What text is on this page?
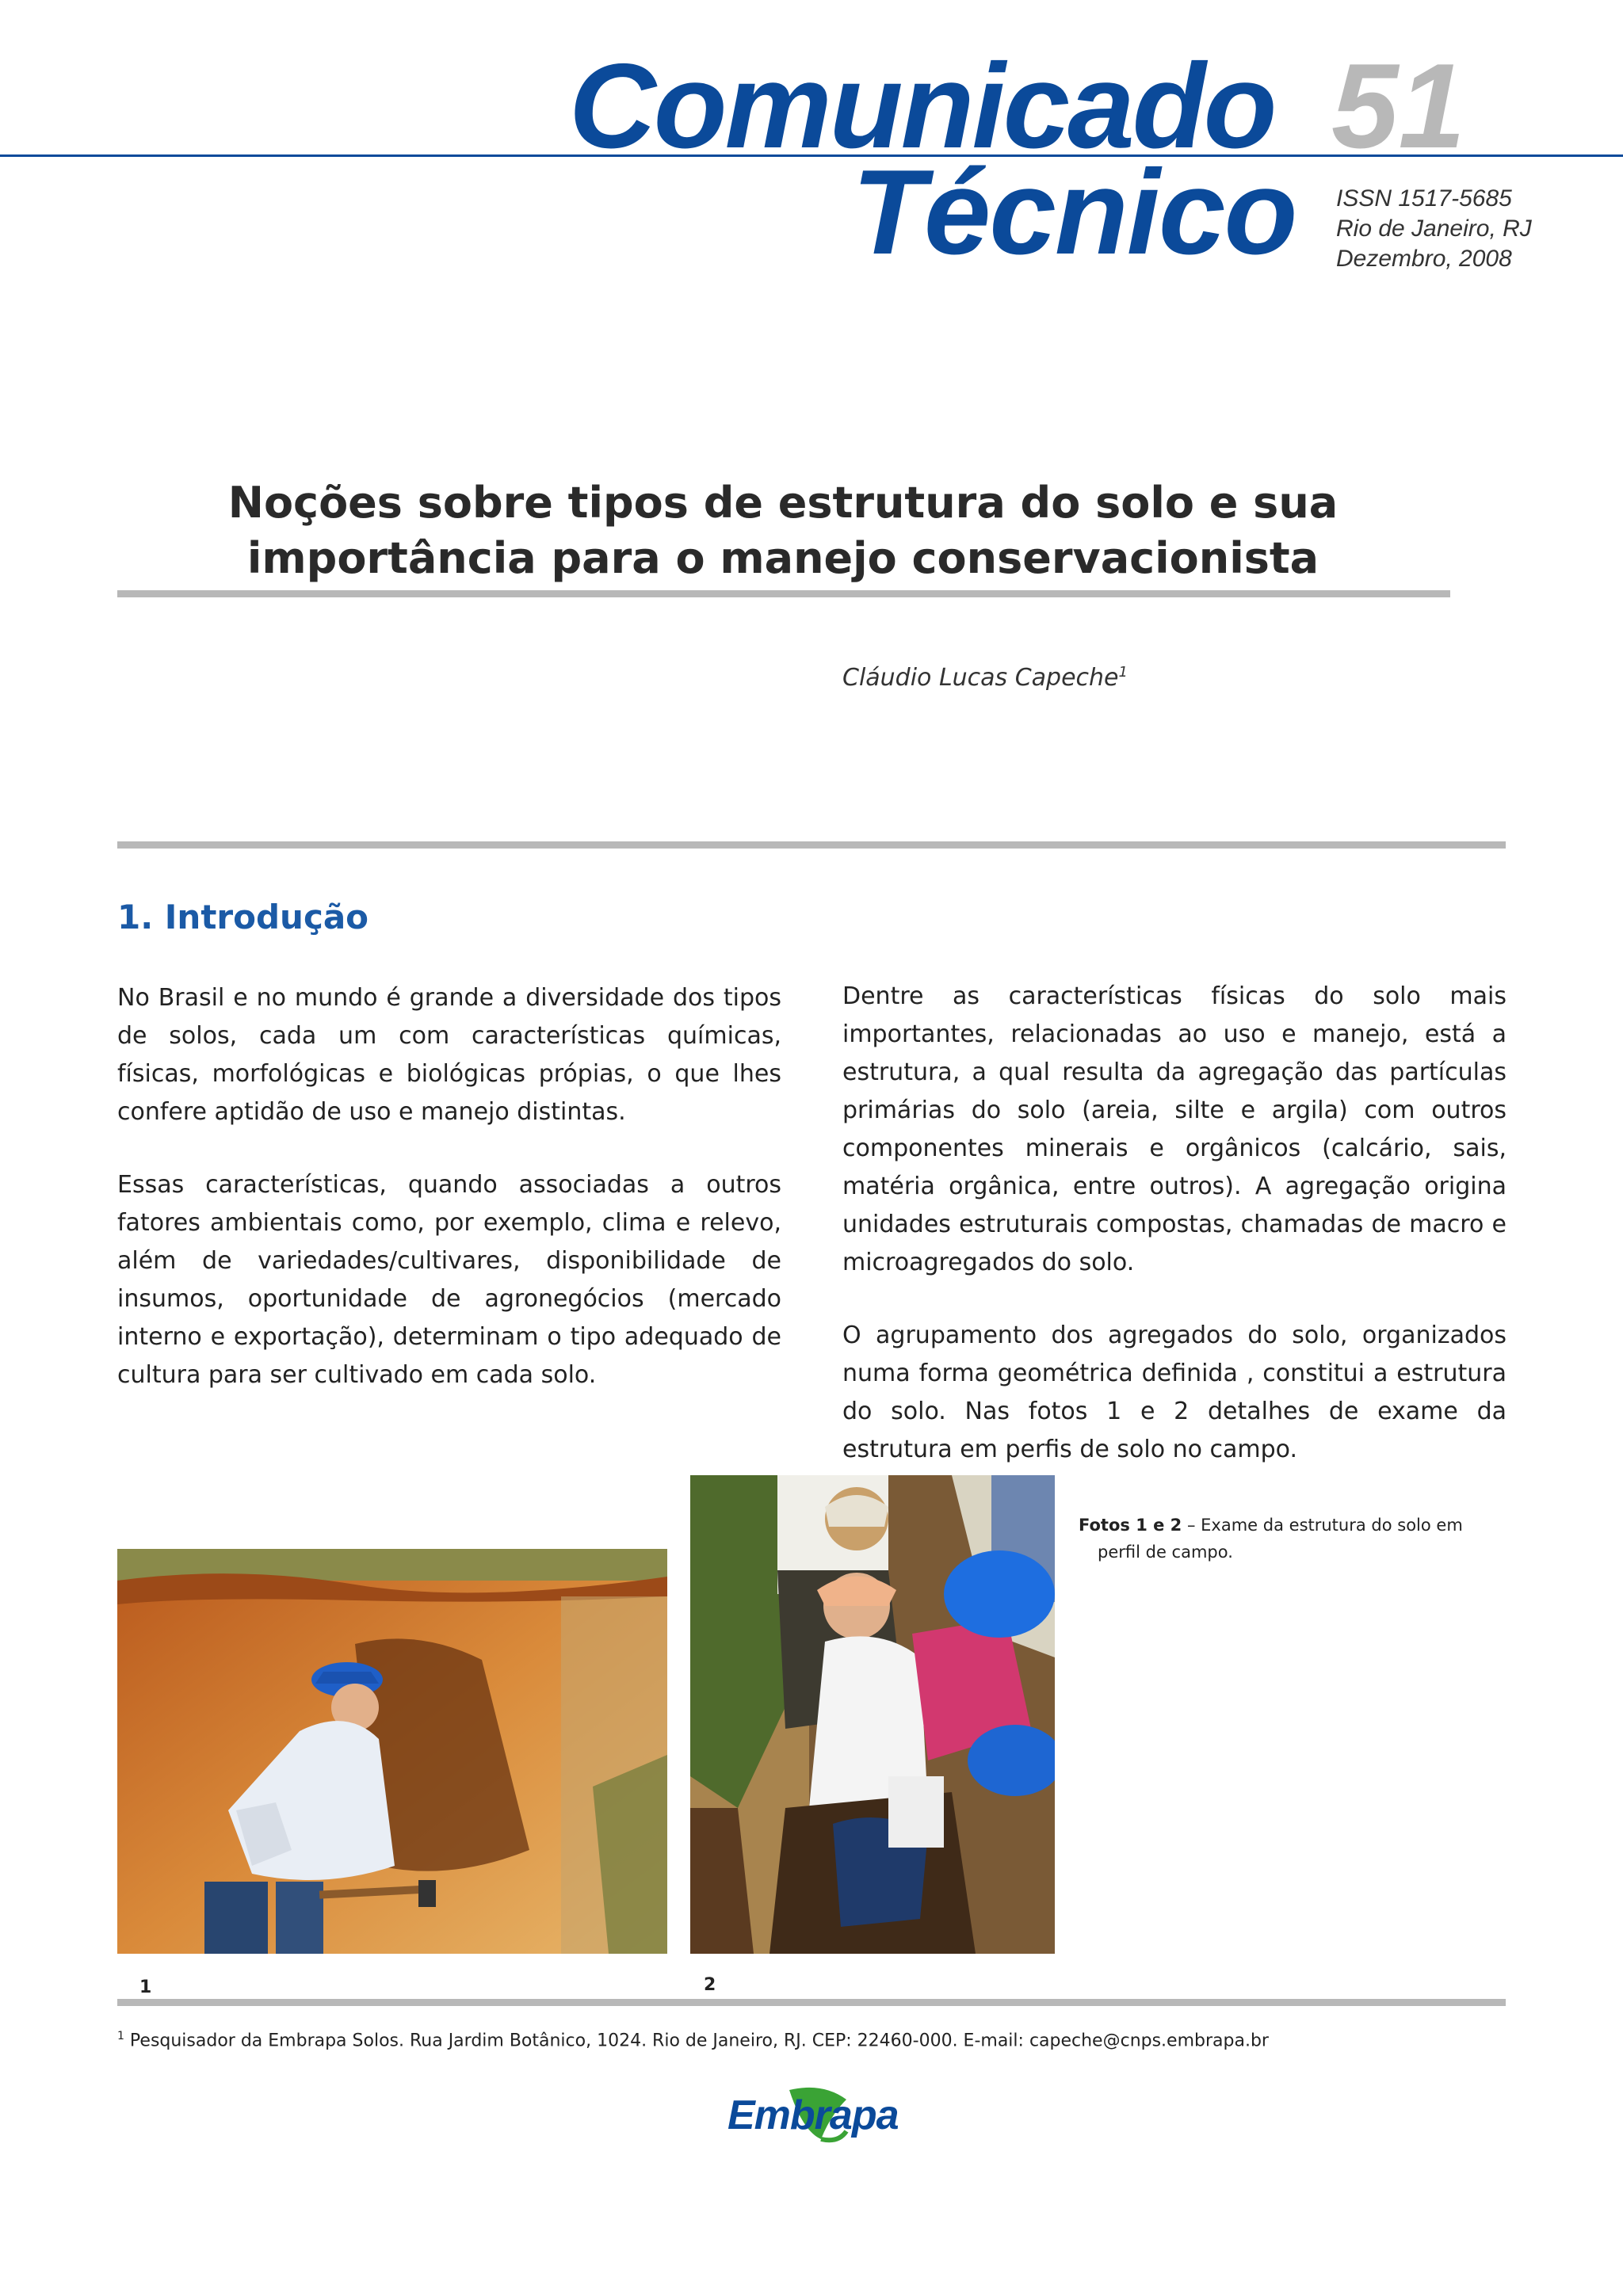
Comunicado 51
Técnico ISSN 1517-5685
Rio de Janeiro, RJ
Dezembro, 2008
Noções sobre tipos de estrutura do solo e sua
importância para o manejo conservacionista
Cláudio Lucas Capeche$^1$
1. Introdução

No Brasil e no mundo é grande a diversidade dos tipos de solos, cada um com características químicas, físicas, morfológicas e biológicas própias, o que lhes confere aptidão de uso e manejo distintas.

Essas características, quando associadas a outros fatores ambientais como, por exemplo, clima e relevo, além de variedades/cultivares, disponibilidade de insumos, oportunidade de agronegócios (mercado interno e exportação), determinam o tipo adequado de cultura para ser cultivado em cada solo.

Dentre as características físicas do solo mais importantes, relacionadas ao uso e manejo, está a estrutura, a qual resulta da agregação das partículas primárias do solo (areia, silte e argila) com outros componentes minerais e orgânicos (calcário, sais, matéria orgânica, entre outros). A agregação origina unidades estruturais compostas, chamadas de macro e microagregados do solo.

O agrupamento dos agregados do solo, organizados numa forma geométrica definida , constitui a estrutura do solo. Nas fotos 1 e 2 detalhes de exame da estrutura em perfis de solo no campo.

1	2
Fotos 1 e 2 – Exame da estrutura do solo em
perfil de campo.
$^1$ Pesquisador da Embrapa Solos. Rua Jardim Botânico, 1024. Rio de Janeiro, RJ. CEP: 22460-000. E-mail: capeche@cnps.embrapa.br
Embrapa
